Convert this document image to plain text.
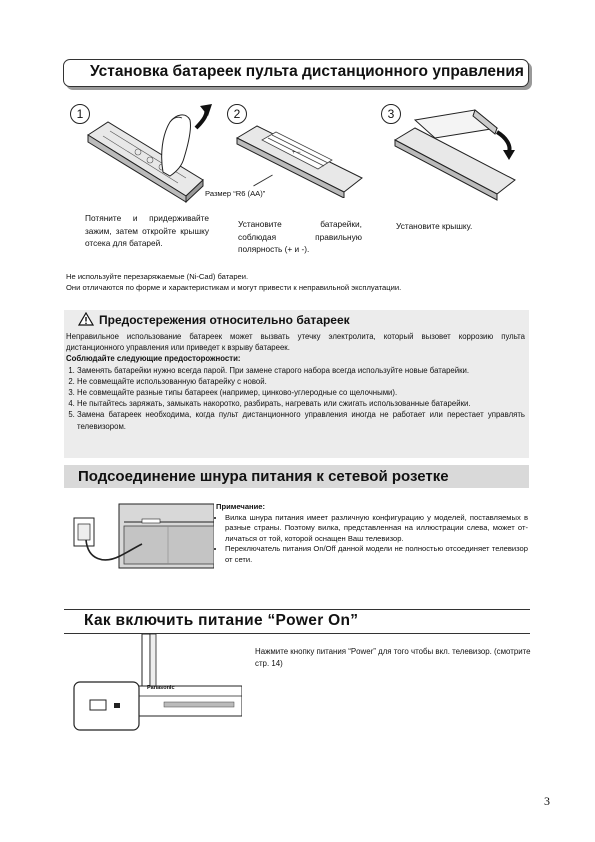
Установка батареек пульта дистанционного управления
1	2	3
+ −
Размер “R6 (AA)”
Потяните и придерживайте зажим, затем откройте крышку отсека для батарей.
Установите батарейки, соблюдая правильную полярность (+ и -).
Установите крышку.
Не используйте перезаряжаемые (Ni-Cad) батареи.
Они отличаются по форме и характеристикам и могут привести к неправильной эксплуатации.
Предостережения относительно батареек

Неправильное использование батареек может вызвать утечку электролита, который вызовет коррозию пульта дистанционного управления или приведет к взрыву батареек.

Соблюдайте следующие предосторожности:

1. Заменять батарейки нужно всегда парой. При замене старого набора всегда используйте новые батарейки.
2. Не совмещайте использованную батарейку с новой.
3. Не совмещайте разные типы батареек (например, цинково-углеродные со щелочными).
4. Не пытайтесь заряжать, замыкать накоротко, разбирать, нагревать или сжигать использованные батарейки.
5. Замена батареек необходима, когда пульт дистанционного управления иногда не работает или перестает управлять телевизором.
Подсоединение шнура питания к сетевой розетке
Примечание:
• Вилка шнура питания имеет различную конфигурацию у моделей, поставляемых в разные страны. Поэтому вилка, представленная на иллюстрации слева, может от-личаться от той, которой оснащен Ваш телевизор.
• Переключатель питания On/Off данной модели не полностью отсоединяет телевизор от сети.
Как включить питание “Power On”
Panasonic
Нажмите кнопку питания “Power” для того чтобы вкл. телевизор. (смотрите стр. 14)
3
